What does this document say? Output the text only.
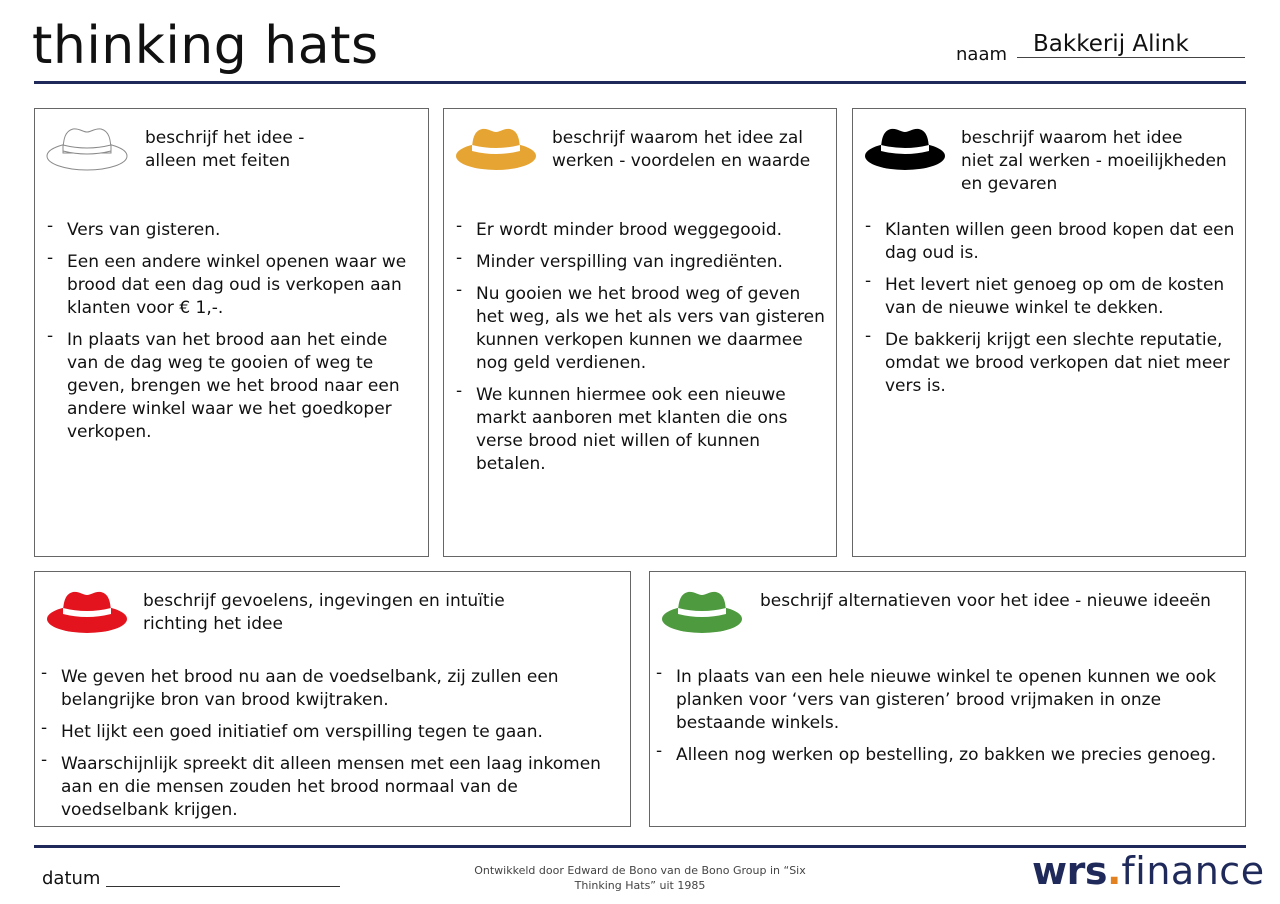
thinking hats	naam	Bakkerij Alink
beschrijf het idee -
alleen met feiten
- Vers van gisteren.
- Een een andere winkel openen waar we brood dat een dag oud is verkopen aan klanten voor € 1,-.
- In plaats van het brood aan het einde van de dag weg te gooien of weg te geven, brengen we het brood naar een andere winkel waar we het goedkoper verkopen.
beschrijf waarom het idee zal
werken - voordelen en waarde
- Er wordt minder brood weggegooid.
- Minder verspilling van ingrediënten.
- Nu gooien we het brood weg of geven het weg, als we het als vers van gisteren kunnen verkopen kunnen we daarmee nog geld verdienen.
- We kunnen hiermee ook een nieuwe markt aanboren met klanten die ons verse brood niet willen of kunnen betalen.
beschrijf waarom het idee
niet zal werken - moeilijkheden
en gevaren
- Klanten willen geen brood kopen dat een dag oud is.
- Het levert niet genoeg op om de kosten van de nieuwe winkel te dekken.
- De bakkerij krijgt een slechte reputatie, omdat we brood verkopen dat niet meer vers is.
beschrijf gevoelens, ingevingen en intuïtie
richting het idee
- We geven het brood nu aan de voedselbank, zij zullen een belangrijke bron van brood kwijtraken.
- Het lijkt een goed initiatief om verspilling tegen te gaan.
- Waarschijnlijk spreekt dit alleen mensen met een laag inkomen aan en die mensen zouden het brood normaal van de voedselbank krijgen.
beschrijf alternatieven voor het idee - nieuwe ideeën
- In plaats van een hele nieuwe winkel te openen kunnen we ook planken voor ‘vers van gisteren’ brood vrijmaken in onze bestaande winkels.
- Alleen nog werken op bestelling, zo bakken we precies genoeg.
datum	Ontwikkeld door Edward de Bono van de Bono Group in “Six
Thinking Hats” uit 1985	wrs.finance
